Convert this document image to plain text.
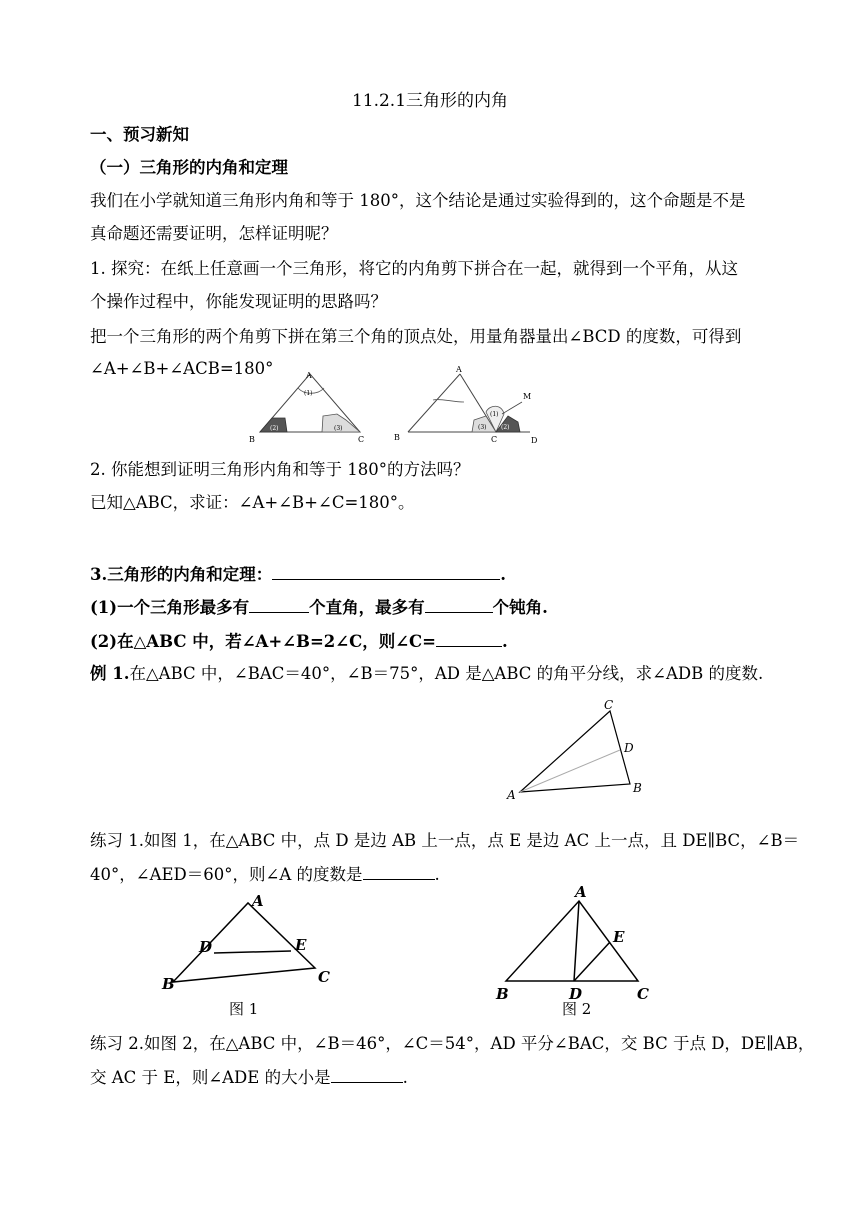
11.2.1三角形的内角
一、预习新知
（一）三角形的内角和定理
我们在小学就知道三角形内角和等于 180°，这个结论是通过实验得到的，这个命题是不是
真命题还需要证明，怎样证明呢？
1. 探究：在纸上任意画一个三角形，将它的内角剪下拼合在一起，就得到一个平角，从这
个操作过程中，你能发现证明的思路吗？
把一个三角形的两个角剪下拼在第三个角的顶点处，用量角器量出∠BCD 的度数，可得到
∠A+∠B+∠ACB=180°	A
B	C
(1)
(2)	(3)
A
B	C	D
M
(1)
(2)
(3)
2. 你能想到证明三角形内角和等于 180°的方法吗？
已知△ABC，求证：∠A+∠B+∠C=180°。
3.三角形的内角和定理：	.
(1)一个三角形最多有	个直角，最多有	个钝角.
(2)在△ABC 中，若∠A+∠B=2∠C，则∠C=	.
例 1.在△ABC 中，∠BAC＝40°，∠B＝75°，AD 是△ABC 的角平分线，求∠ADB 的度数.
A	B
C
D
练习 1.如图 1，在△ABC 中，点 D 是边 AB 上一点，点 E 是边 AC 上一点，且 DE∥BC，∠B＝
40°，∠AED＝60°，则∠A 的度数是	.
A
B	C
D	E
图 1
A
B	C
D
E
图 2
练习 2.如图 2，在△ABC 中，∠B＝46°，∠C＝54°，AD 平分∠BAC，交 BC 于点 D，DE∥AB，
交 AC 于 E，则∠ADE 的大小是	.
